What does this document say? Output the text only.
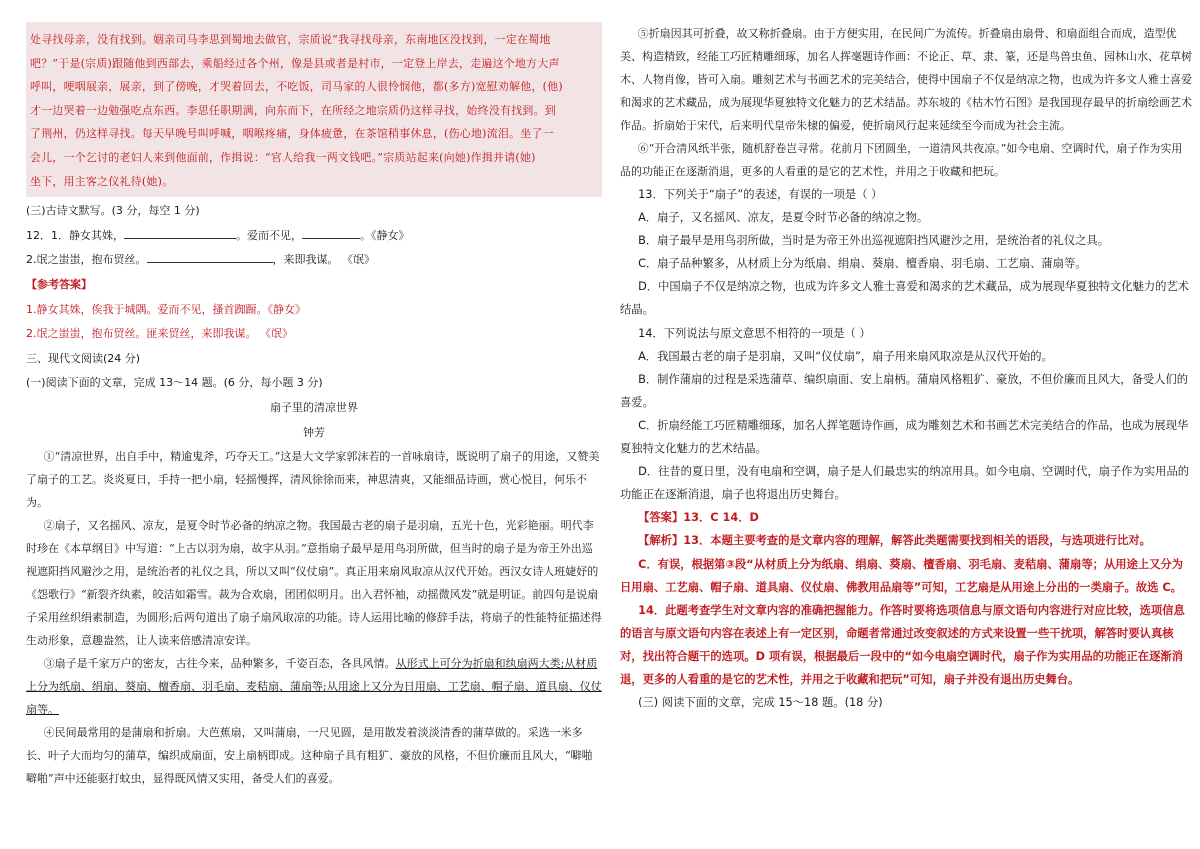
处寻找母亲，没有找到。姻亲司马李思到蜀地去做官，宗质说“我寻找母亲，东南地区没找到，一定在蜀地

吧？”于是(宗质)跟随他到西部去，乘船经过各个州，像是县或者是村市，一定登上岸去，走遍这个地方大声

呼叫，哽咽展亲，展亲，到了傍晚，才哭着回去，不吃饭，司马家的人很怜悯他，都(多方)宽慰劝解他，(他)

才一边哭着一边勉强吃点东西。李思任职期满，向东而下，在所经之地宗质仍这样寻找，始终没有找到。到

了荆州，仍这样寻找。每天早晚号叫呼喊，咽喉疼痛，身体疲惫，在茶馆稍事休息，(伤心地)流泪。坐了一

会儿，一个乞讨的老妇人来到他面前，作揖说：“官人给我一两文钱吧。”宗质站起来(向她)作揖并请(她)

坐下，用主客之仪礼待(她)。

(三)古诗文默写。(3 分，每空 1 分)

12．1．静女其姝，	。爱而不见，	。《静女》

2.氓之蚩蚩，抱布贸丝。	，来即我谋。 《氓》

【参考答案】

1.静女其姝，俟我于城隅。爱而不见，搔首踟蹰。《静女》

2.氓之蚩蚩，抱布贸丝。匪来贸丝，来即我谋。 《氓》

三、现代文阅读(24 分)

(一)阅读下面的文章，完成 13～14 题。(6 分，每小题 3 分)

扇子里的清凉世界

钟芳

①“清凉世界，出自手中，精逾鬼斧，巧夺天工。”这是大文学家郭沫若的一首咏扇诗，既说明了扇子的用途，又赞美了扇子的工艺。炎炎夏日，手持一把小扇，轻摇慢挥，清风徐徐而来，神思清爽，又能细品诗画，赏心悦目，何乐不为。

②扇子，又名摇风、凉友，是夏令时节必备的纳凉之物。我国最古老的扇子是羽扇，五光十色，光彩艳丽。明代李时珍在《本草纲目》中写道：“上古以羽为扇，故字从羽。”意指扇子最早是用鸟羽所做，但当时的扇子是为帝王外出巡视遮阳挡风避沙之用，是统治者的礼仪之具，所以又叫“仪仗扇”。真正用来扇风取凉从汉代开始。西汉女诗人班婕妤的《怨歌行》“新裂齐纨素，皎洁如霜雪。裁为合欢扇，团团似明月。出入君怀袖，动摇微风发”就是明证。前四句是说扇子采用丝织绢素制造，为圆形;后两句道出了扇子扇风取凉的功能。诗人运用比喻的修辞手法，将扇子的性能特征描述得生动形象，意趣盎然，让人读来倍感清凉安详。

③扇子是千家万户的密友，古往今来，品种繁多，千姿百态，各具风情。从形式上可分为折扇和纨扇两大类;从材质上分为纸扇、绢扇、葵扇、檀香扇、羽毛扇、麦秸扇、蒲扇等;从用途上又分为日用扇、工艺扇、帽子扇、道具扇、仪仗扇等。

④民间最常用的是蒲扇和折扇。大芭蕉扇，又叫蒲扇，一尺见圆，是用散发着淡淡清香的蒲草做的。采选一米多长、叶子大而均匀的蒲草，编织成扇面，安上扇柄即成。这种扇子具有粗犷、豪放的风格，不但价廉而且风大，“噼啪噼啪”声中还能驱打蚊虫，显得既风情又实用，备受人们的喜爱。

⑤折扇因其可折叠，故又称折叠扇。由于方便实用，在民间广为流传。折叠扇由扇骨、和扇面组合而成，造型优美、构造精致，经能工巧匠精雕细琢，加名人挥毫题诗作画：不论正、草、隶、篆，还是鸟兽虫鱼、园林山水、花草树木、人物肖像，皆可入扇。雕刻艺术与书画艺术的完美结合，使得中国扇子不仅是纳凉之物，也成为许多文人雅士喜爱和渴求的艺术藏品，成为展现华夏独特文化魅力的艺术结晶。苏东坡的《枯木竹石图》是我国现存最早的折扇绘画艺术作品。折扇始于宋代，后来明代皇帝朱棣的偏爱，使折扇风行起来延续至今而成为社会主流。

⑥“开合清风纸半张，随机舒卷岂寻常。花前月下团圆坐，一道清风共夜凉。”如今电扇、空调时代，扇子作为实用品的功能正在逐渐消退，更多的人看重的是它的艺术性，并用之于收藏和把玩。

13．下列关于“扇子”的表述，有误的一项是（ ）

A．扇子，又名摇风、凉友，是夏令时节必备的纳凉之物。

B．扇子最早是用鸟羽所做，当时是为帝王外出巡视遮阳挡风避沙之用，是统治者的礼仪之具。

C．扇子品种繁多，从材质上分为纸扇、绢扇、葵扇、檀香扇、羽毛扇、工艺扇、蒲扇等。

D．中国扇子不仅是纳凉之物，也成为许多文人雅士喜爱和渴求的艺术藏品，成为展现华夏独特文化魅力的艺术结晶。

14．下列说法与原文意思不相符的一项是（ ）

A．我国最古老的扇子是羽扇，又叫“仪仗扇”，扇子用来扇风取凉是从汉代开始的。

B．制作蒲扇的过程是采选蒲草、编织扇面、安上扇柄。蒲扇风格粗犷、豪放，不但价廉而且风大，备受人们的喜爱。

C．折扇经能工巧匠精雕细琢，加名人挥笔题诗作画，成为雕刻艺术和书画艺术完美结合的作品，也成为展现华夏独特文化魅力的艺术结晶。

D．往昔的夏日里，没有电扇和空调，扇子是人们最忠实的纳凉用具。如今电扇、空调时代，扇子作为实用品的功能正在逐渐消退，扇子也将退出历史舞台。

【答案】13．C 14．D

【解析】13．本题主要考查的是文章内容的理解，解答此类题需要找到相关的语段，与选项进行比对。

C．有误，根据第③段“从材质上分为纸扇、绢扇、葵扇、檀香扇、羽毛扇、麦秸扇、蒲扇等；从用途上又分为日用扇、工艺扇、帽子扇、道具扇、仪仗扇、佛教用品扇等”可知，工艺扇是从用途上分出的一类扇子。故选 C。

14．此题考查学生对文章内容的准确把握能力。作答时要将选项信息与原文语句内容进行对应比较，选项信息的语言与原文语句内容在表述上有一定区别，命题者常通过改变叙述的方式来设置一些干扰项，解答时要认真核对，找出符合题干的选项。D 项有误，根据最后一段中的“如今电扇空调时代，扇子作为实用品的功能正在逐渐消退，更多的人看重的是它的艺术性，并用之于收藏和把玩”可知，扇子并没有退出历史舞台。

(三) 阅读下面的文章，完成 15～18 题。(18 分)
